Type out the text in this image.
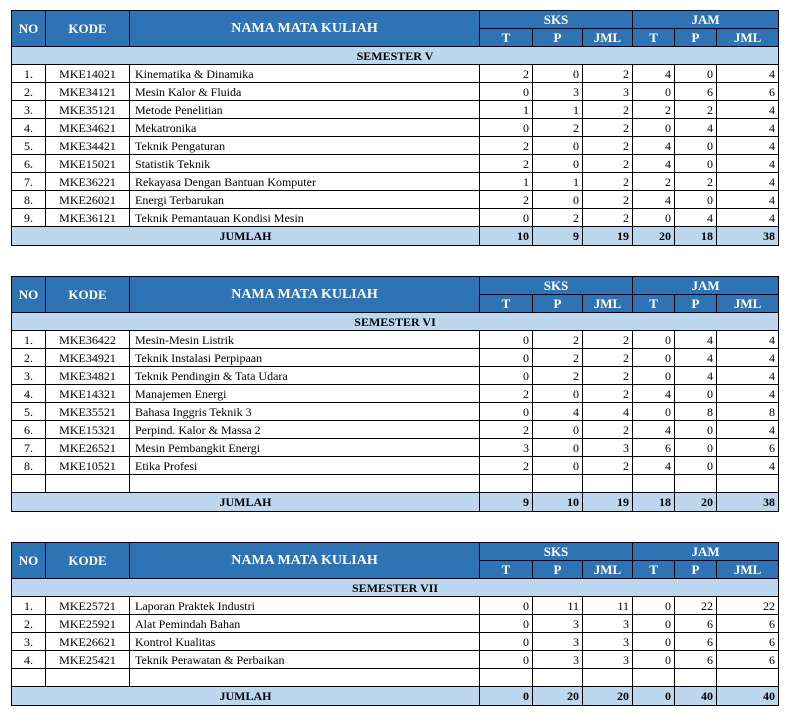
NO	KODE	NAMA MATA KULIAH	SKS			JAM		
			T	P	JML	T	P	JML
SEMESTER V								
1.	MKE14021	Kinematika & Dinamika	2	0	2	4	0	4
2.	MKE34121	Mesin Kalor & Fluida	0	3	3	0	6	6
3.	MKE35121	Metode Penelitian	1	1	2	2	2	4
4.	MKE34621	Mekatronika	0	2	2	0	4	4
5.	MKE34421	Teknik Pengaturan	2	0	2	4	0	4
6.	MKE15021	Statistik Teknik	2	0	2	4	0	4
7.	MKE36221	Rekayasa Dengan Bantuan Komputer	1	1	2	2	2	4
8.	MKE26021	Energi Terbarukan	2	0	2	4	0	4
9.	MKE36121	Teknik Pemantauan Kondisi Mesin	0	2	2	0	4	4
JUMLAH			10	9	19	20	18	38
NO	KODE	NAMA MATA KULIAH	SKS			JAM		
			T	P	JML	T	P	JML
SEMESTER VI								
1.	MKE36422	Mesin-Mesin Listrik	0	2	2	0	4	4
2.	MKE34921	Teknik Instalasi Perpipaan	0	2	2	0	4	4
3.	MKE34821	Teknik Pendingin & Tata Udara	0	2	2	0	4	4
4.	MKE14321	Manajemen Energi	2	0	2	4	0	4
5.	MKE35521	Bahasa Inggris Teknik 3	0	4	4	0	8	8
6.	MKE15321	Perpind. Kalor & Massa 2	2	0	2	4	0	4
7.	MKE26521	Mesin Pembangkit Energi	3	0	3	6	0	6
8.	MKE10521	Etika Profesi	2	0	2	4	0	4

JUMLAH			9	10	19	18	20	38
NO	KODE	NAMA MATA KULIAH	SKS			JAM		
			T	P	JML	T	P	JML
SEMESTER VII								
1.	MKE25721	Laporan Praktek Industri	0	11	11	0	22	22
2.	MKE25921	Alat Pemindah Bahan	0	3	3	0	6	6
3.	MKE26621	Kontrol Kualitas	0	3	3	0	6	6
4.	MKE25421	Teknik Perawatan & Perbaikan	0	3	3	0	6	6

JUMLAH			0	20	20	0	40	40
